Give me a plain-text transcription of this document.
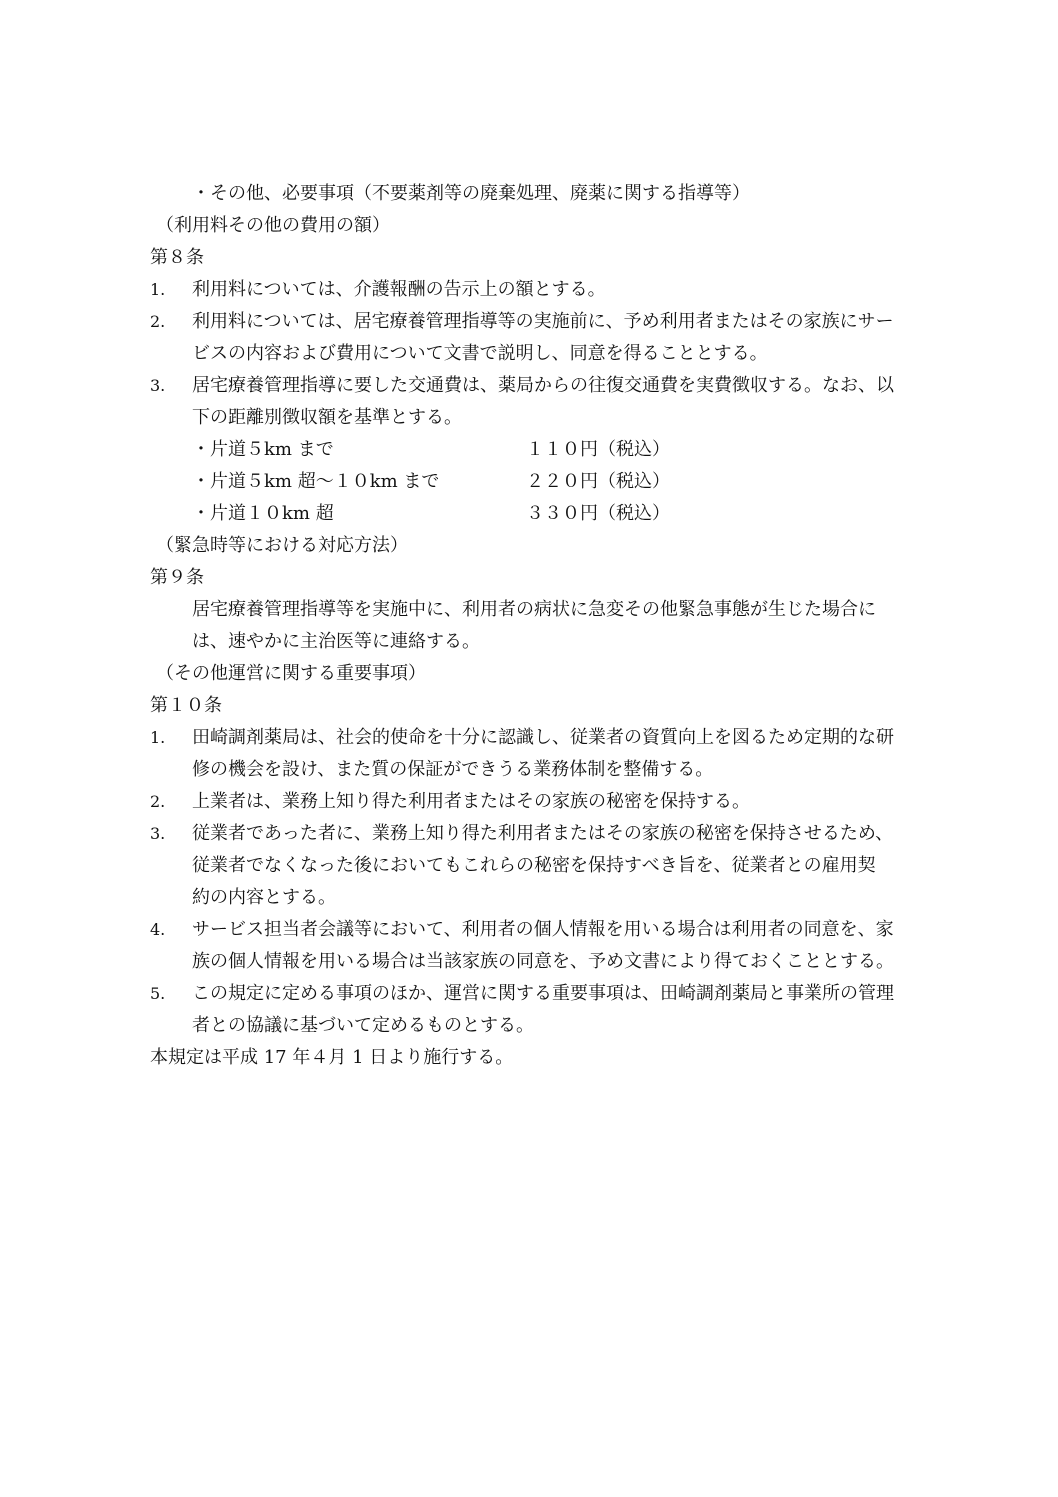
・その他、必要事項（不要薬剤等の廃棄処理、廃薬に関する指導等）
（利用料その他の費用の額）
第８条
1.	利用料については、介護報酬の告示上の額とする。
2.	利用料については、居宅療養管理指導等の実施前に、予め利用者またはその家族にサー
ビスの内容および費用について文書で説明し、同意を得ることとする。
3.	居宅療養管理指導に要した交通費は、薬局からの往復交通費を実費徴収する。なお、以
下の距離別徴収額を基準とする。
・片道５km まで	１１０円（税込）
・片道５km 超〜１０km まで	２２０円（税込）
・片道１０km 超	３３０円（税込）
（緊急時等における対応方法）
第９条
居宅療養管理指導等を実施中に、利用者の病状に急変その他緊急事態が生じた場合に
は、速やかに主治医等に連絡する。
（その他運営に関する重要事項）
第１０条
1.	田崎調剤薬局は、社会的使命を十分に認識し、従業者の資質向上を図るため定期的な研
修の機会を設け、また質の保証ができうる業務体制を整備する。
2.	上業者は、業務上知り得た利用者またはその家族の秘密を保持する。
3.	従業者であった者に、業務上知り得た利用者またはその家族の秘密を保持させるため、
従業者でなくなった後においてもこれらの秘密を保持すべき旨を、従業者との雇用契
約の内容とする。
4.	サービス担当者会議等において、利用者の個人情報を用いる場合は利用者の同意を、家
族の個人情報を用いる場合は当該家族の同意を、予め文書により得ておくこととする。
5.	この規定に定める事項のほか、運営に関する重要事項は、田崎調剤薬局と事業所の管理
者との協議に基づいて定めるものとする。
本規定は平成 17 年４月 1 日より施行する。
